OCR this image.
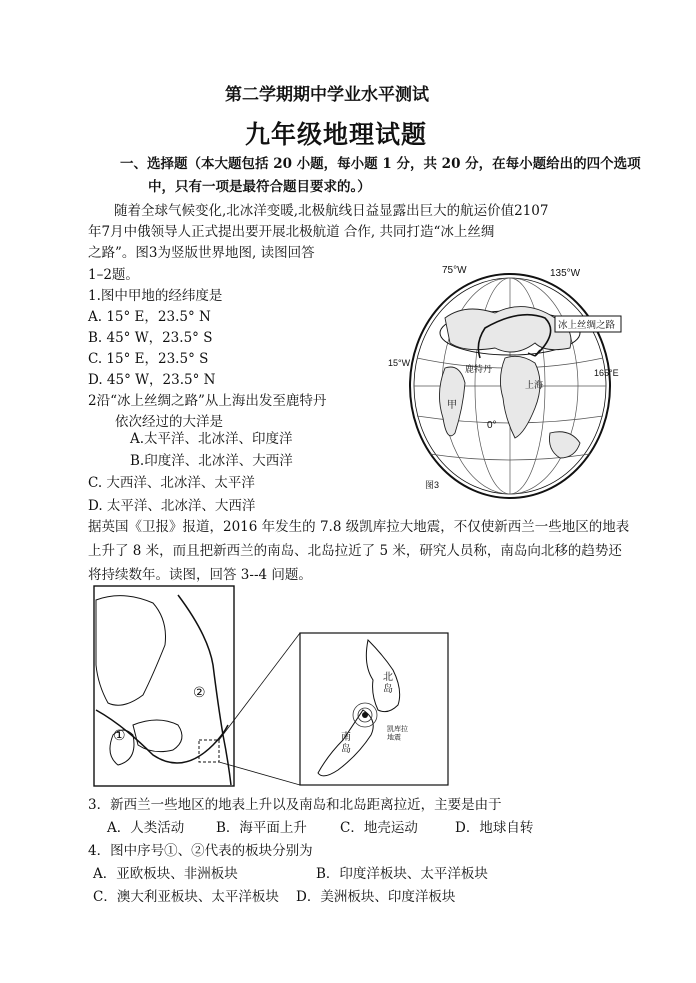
第二学期期中学业水平测试
九年级地理试题
一、选择题（本大题包括 20 小题，每小题 1 分，共 20 分，在每小题给出的四个选项
中，只有一项是最符合题目要求的。）
随着全球气候变化,北冰洋变暖,北极航线日益显露出巨大的航运价值2107
年7月中俄领导人正式提出要开展北极航道 合作, 共同打造“冰上丝绸
之路”。图3为竖版世界地图, 读图回答
1–2题。
1.图中甲地的经纬度是
A. 15° E，23.5° N
B. 45° W，23.5° S
C. 15° E，23.5° S
D. 45° W，23.5° N
2沿“冰上丝绸之路”从上海出发至鹿特丹
依次经过的大洋是
A.太平洋、北冰洋、印度洋
B.印度洋、北冰洋、大西洋
C. 大西洋、北冰洋、太平洋
D. 太平洋、北冰洋、大西洋
75°W	135°W
15°W
165°E
冰上丝绸之路
鹿特丹
上海
甲
0°
图3
据英国《卫报》报道，2016 年发生的 7.8 级凯库拉大地震，不仅使新西兰一些地区的地表
上升了 8 米，而且把新西兰的南岛、北岛拉近了 5 米，研究人员称，南岛向北移的趋势还
将持续数年。读图，回答 3--4 问题。
①
②
北岛
南岛
凯库拉地震
3．新西兰一些地区的地表上升以及南岛和北岛距离拉近，主要是由于
A．人类活动 B．海平面上升 C．地壳运动	D．地球自转
4．图中序号①、②代表的板块分别为
A．亚欧板块、非洲板块	B．印度洋板块、太平洋板块
C．澳大利亚板块、太平洋板块 D．美洲板块、印度洋板块
